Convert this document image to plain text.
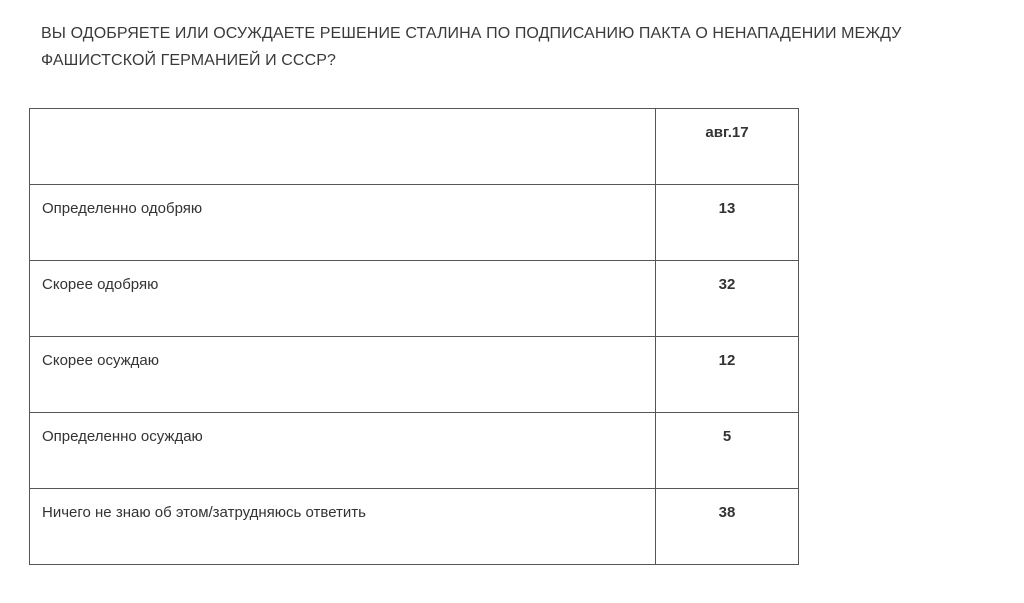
ВЫ ОДОБРЯЕТЕ ИЛИ ОСУЖДАЕТЕ РЕШЕНИЕ СТАЛИНА ПО ПОДПИСАНИЮ ПАКТА О НЕНАПАДЕНИИ МЕЖДУ ФАШИСТСКОЙ ГЕРМАНИЕЙ И СССР?

	авг.17
Определенно одобряю	13
Скорее одобряю	32
Скорее осуждаю	12
Определенно осуждаю	5
Ничего не знаю об этом/затрудняюсь ответить	38
